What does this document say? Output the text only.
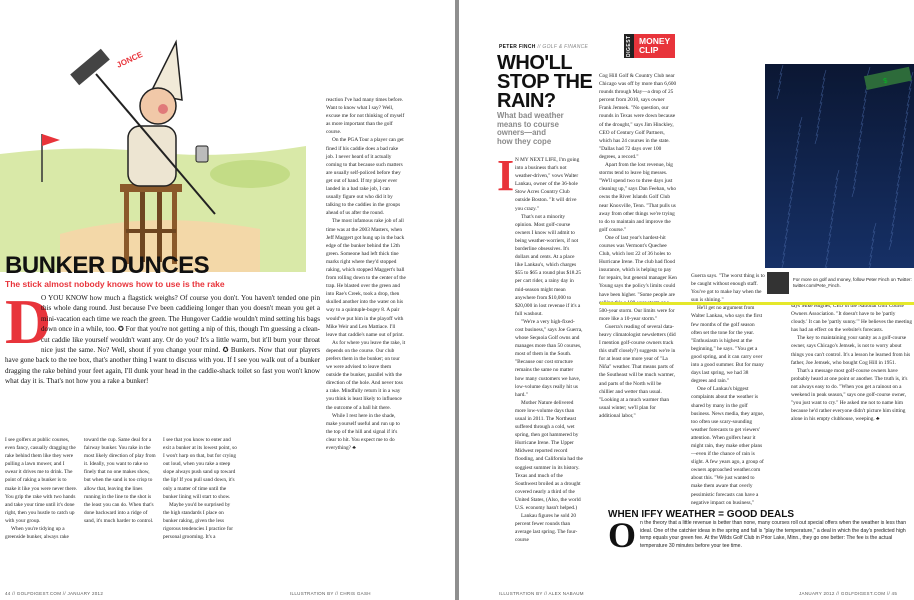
JONCE
BUNKER DUNCES
The stick almost nobody knows how to use is the rake
D
O YOU KNOW how much a flagstick weighs? Of course you don't. You haven't tended one pin this whole dang round. Just because I've been caddieing longer than you doesn't mean you get a mini-vacation each time we reach the green. The Hungover Caddie wouldn't mind setting his bags down once in a while, too. ✪ For that you're not getting a nip of this, though I'm guessing a clean-cut caddie like yourself wouldn't want any. Or do you? It's a little warm, but it'll burn your throat nice just the same. No? Well, shout if you change your mind. ✪ Bunkers. Now that our players have gone back to the tee box, that's another thing I want to discuss with you. If I see you walk out of a bunker dragging the rake behind your feet again, I'll dunk your head in the caddie-shack toilet so fast you won't know what day it is. That's not how you a rake a bunker!

I see golfers at public courses, even fancy, casually dragging the rake behind them like they were pulling a lawn mower, and I swear it drives me to drink. The point of raking a bunker is to make it like you were never there. You grip the rake with two hands and take your time until it's done right, then you hustle to catch up with your group.

When you're tidying up a greenside bunker, always rake

toward the cup. Same deal for a fairway bunker. You rake in the most likely direction of play from it. Ideally, you want to rake so finely that no one makes show, but when the sand is too crisp to allow that, leaving the lines running in the line to the shot is the least you can do. When that's done backward into a ridge of sand, it's much harder to control.

I see that you know to enter and exit a bunker at its lowest point, so I won't harp on that, but for crying out loud, when you rake a steep slope always push sand up toward the lip! If you pull sand down, it's only a matter of time until the bunker lining will start to show.

Maybe you'd be surprised by the high standards I place on bunker raking, given the less rigorous tendencies I practice for personal grooming. It's a

reaction I've had many times before. Want to know what I say? Well, excuse me for not thinking of myself as more important than the golf course.

On the PGA Tour a player can get fined if his caddie does a bad rake job. I never heard of it actually coming to that because such matters are usually self-policed before they get out of hand. If my player ever landed in a bad rake job, I can usually figure out who did it by talking to the caddies in the groups ahead of us after the round.

The most infamous rake job of all time was at the 2003 Masters, when Jeff Maggert got hung up in the back edge of the bunker behind the 12th green. Someone had left thick tine marks right where they'd stopped raking, which stopped Maggert's ball from rolling down to the center of the trap. He blasted over the green and into Rae's Creek, took a drop, then skulled another into the water on his way to a quintuple-bogey 8. A pair would've put him in the playoff with Mike Weir and Len Mattiace. I'll leave that caddie's name out of print.

As for where you leave the rake, it depends on the course. Our club prefers them in the bunker; on tour we were advised to leave them outside the bunker, parallel with the direction of the hole. And never toss a rake. Mindfully return it in a way you think is least likely to influence the outcome of a ball hit there.

While I rest here in the shade, make yourself useful and run up to the top of the hill and signal if it's clear to hit. You expect me to do everything? ♣

44 // GOLFDIGEST.COM // JANUARY 2012	ILLUSTRATION BY // CHRIS GASH
PETER FINCH // GOLF & FINANCE	DIGEST MONEY
CLIP
WHO'LL
STOP THE
RAIN?
What bad weather
means to course
owners—and
how they cope
I N MY NEXT LIFE, I'm going into a business that's not weather-driven," vows Walter Lankau, owner of the 36-hole Stow Acres Country Club outside Boston. "It will drive you crazy."

That's not a minority opinion. Most golf-course owners I know will admit to being weather-worriers, if not borderline obsessives. It's dollars and cents. At a place like Lankau's, which charges $55 to $65 a round plus $18.25 per cart rider, a rainy day in mid-season might mean anywhere from $10,000 to $20,000 in lost revenue if it's a full washout.

"We're a very high-fixed-cost business," says Joe Guerra, whose Sequoia Golf owns and manages more than 50 courses, most of them in the South. "Because our cost structure remains the same no matter how many customers we have, low-volume days really hit us hard."

Mother Nature delivered more low-volume days than usual in 2011. The Northeast suffered through a cold, wet spring, then got hammered by Hurricane Irene. The Upper Midwest reported record flooding, and California had the soggiest summer in its history. Texas and much of the Southwest broiled as a drought covered nearly a third of the United States, (Also, the world U.S. economy hasn't helped.)

Lankau figures he sold 20 percent fewer rounds than average last spring. The four-course

Cog Hill Golf & Country Club near Chicago was off by more than 6,600 rounds through May—a drop of 25 percent from 2010, says owner Frank Jemsek. "No question, our rounds in Texas were down because of the drought," says Jim Hinckley, CEO of Century Golf Partners, which has 24 courses in the state. "Dallas had 72 days over 100 degrees, a record."

Apart from the lost revenue, big storms tend to leave big messes. "We'll spend two to three days just cleaning up," says Dan Feehan, who owns the River Islands Golf Club near Knoxville, Tenn. "That pulls us away from other things we're trying to do to maintain and improve the golf course."

One of last year's hardest-hit courses was Vermont's Quechee Club, which lost 22 of 36 holes to Hurricane Irene. The club had flood insurance, which is helping to pay for repairs, but general manager Ken Young says the policy's limits could have been higher. "Some people are calling this a 100-year storm or a 500-year storm. Our limits were for more like a 10-year storm."

Guerra's reading of several data-heavy climatologist newsletters (did I mention golf-course owners track this stuff closely?) suggests we're in for at least one more year of "La Niña" weather. That means parts of the Southeast will be much warmer, and parts of the North will be chillier and wetter than usual. "Looking at a much warmer than usual winter; we'll plan for additional labor,"

Guerra says. "The worst thing is to be caught without enough staff. You've got to make hay when the sun is shining."

He'll get no argument from Walter Lankau, who says the first few months of the golf season often set the tone for the year. "Enthusiasm is highest at the beginning," he says. "You get a good spring, and it can carry over into a good summer. But for many days last spring, we had 38 degrees and rain."

One of Lankau's biggest complaints about the weather is shared by many in the golf business. News media, they argue, too often use scary-sounding weather forecasts to get viewers' attention. When golfers hear it might rain, they make other plans—even if the chance of rain is slight. A few years ago, a group of owners approached weather.com about this. "We just wanted to make them aware that overly pessimistic forecasts can have a negative impact on business,"

says Mike Hughes, CEO of the National Golf Course Owners Association. "It doesn't have to be 'partly cloudy.' It can be 'partly sunny.'" He believes the meeting has had an effect on the website's forecasts.

The key to maintaining your sanity as a golf-course owner, says Chicago's Jemsek, is not to worry about things you can't control. It's a lesson he learned from his father, Joe Jemsek, who bought Cog Hill in 1951.

That's a message most golf-course owners have probably heard at one point or another. The truth is, it's not always easy to do. "When you get a rainout on a weekend in peak season," says one golf-course owner, "you just want to cry." He asked me not to name him because he'd rather everyone didn't picture him sitting alone in his empty clubhouse, weeping. ♣

$
For more on golf and money, follow Peter Finch on Twitter: twitter.com/Pete_Finch.
WHEN IFFY WEATHER = GOOD DEALS
O n the theory that a little revenue is better than none, many courses roll out special offers when the weather is less than ideal. One of the catchier ideas in the spring and fall is "play the temperature," a deal in which the day's predicted high temp equals your green fee. At the Wilds Golf Club in Prior Lake, Minn., they go one better: The fee is the actual temperature 30 minutes before your tee time.
ILLUSTRATION BY // ALEX NABAUM	JANUARY 2012 // GOLFDIGEST.COM // 45
